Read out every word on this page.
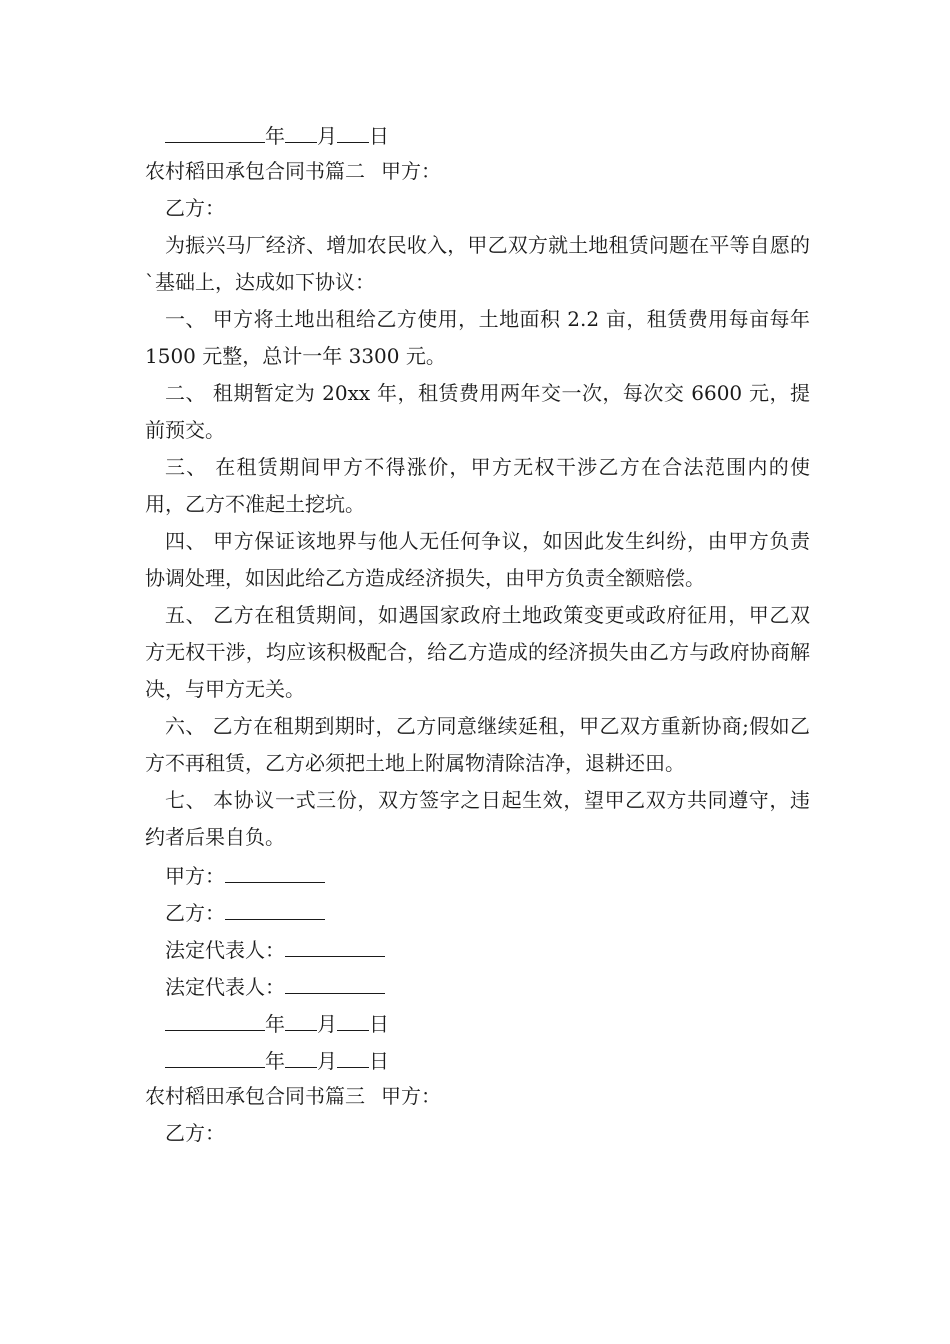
年 月 日
农村稻田承包合同书篇二 甲方：
乙方：
为振兴马厂经济、增加农民收入，甲乙双方就土地租赁问题在平等自愿的`基础上，达成如下协议：
一、 甲方将土地出租给乙方使用，土地面积 2.2 亩，租赁费用每亩每年 1500 元整，总计一年 3300 元。
二、 租期暂定为 20xx 年，租赁费用两年交一次，每次交 6600 元，提前预交。
三、 在租赁期间甲方不得涨价，甲方无权干涉乙方在合法范围内的使用，乙方不准起土挖坑。
四、 甲方保证该地界与他人无任何争议，如因此发生纠纷，由甲方负责协调处理，如因此给乙方造成经济损失，由甲方负责全额赔偿。
五、 乙方在租赁期间，如遇国家政府土地政策变更或政府征用，甲乙双方无权干涉，均应该积极配合，给乙方造成的经济损失由乙方与政府协商解决，与甲方无关。
六、 乙方在租期到期时，乙方同意继续延租，甲乙双方重新协商;假如乙方不再租赁，乙方必须把土地上附属物清除洁净，退耕还田。
七、 本协议一式三份，双方签字之日起生效，望甲乙双方共同遵守，违约者后果自负。
甲方：
乙方：
法定代表人：
法定代表人：
年 月 日
年 月 日
农村稻田承包合同书篇三 甲方：
乙方：
